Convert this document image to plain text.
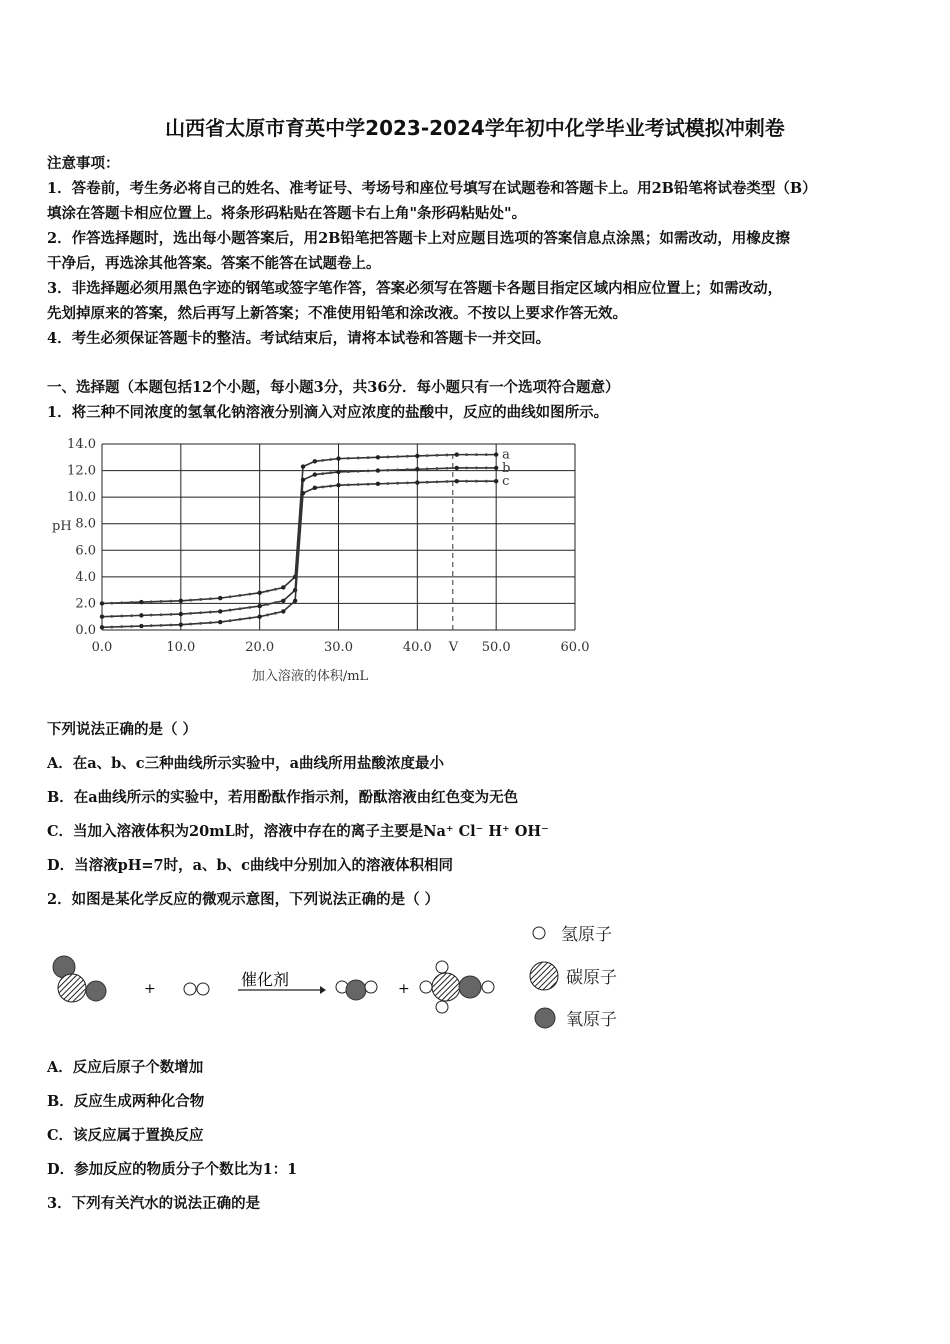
山西省太原市育英中学2023-2024学年初中化学毕业考试模拟冲刺卷
注意事项：
1．答卷前，考生务必将自己的姓名、准考证号、考场号和座位号填写在试题卷和答题卡上。用2B铅笔将试卷类型（B）
填涂在答题卡相应位置上。将条形码粘贴在答题卡右上角"条形码粘贴处"。
2．作答选择题时，选出每小题答案后，用2B铅笔把答题卡上对应题目选项的答案信息点涂黑；如需改动，用橡皮擦
干净后，再选涂其他答案。答案不能答在试题卷上。
3．非选择题必须用黑色字迹的钢笔或签字笔作答，答案必须写在答题卡各题目指定区域内相应位置上；如需改动，
先划掉原来的答案，然后再写上新答案；不准使用铅笔和涂改液。不按以上要求作答无效。
4．考生必须保证答题卡的整洁。考试结束后，请将本试卷和答题卡一并交回。
一、选择题（本题包括12个小题，每小题3分，共36分．每小题只有一个选项符合题意）
1．将三种不同浓度的氢氧化钠溶液分别滴入对应浓度的盐酸中，反应的曲线如图所示。
0.0
2.0
4.0
6.0
8.0
10.0
12.0
14.0
0.0	10.0	20.0	30.0	40.0	50.0	60.0
V
pH
加入溶液的体积/mL
a
b
c
下列说法正确的是（ ）
A．在a、b、c三种曲线所示实验中，a曲线所用盐酸浓度最小
B．在a曲线所示的实验中，若用酚酞作指示剂，酚酞溶液由红色变为无色
C．当加入溶液体积为20mL时，溶液中存在的离子主要是Na⁺ Cl⁻ H⁺ OH⁻
D．当溶液pH=7时，a、b、c曲线中分别加入的溶液体积相同
2．如图是某化学反应的微观示意图，下列说法正确的是（ ）
+	催化剂	+
氢原子
碳原子
氧原子
A．反应后原子个数增加
B．反应生成两种化合物
C．该反应属于置换反应
D．参加反应的物质分子个数比为1：1
3．下列有关汽水的说法正确的是
